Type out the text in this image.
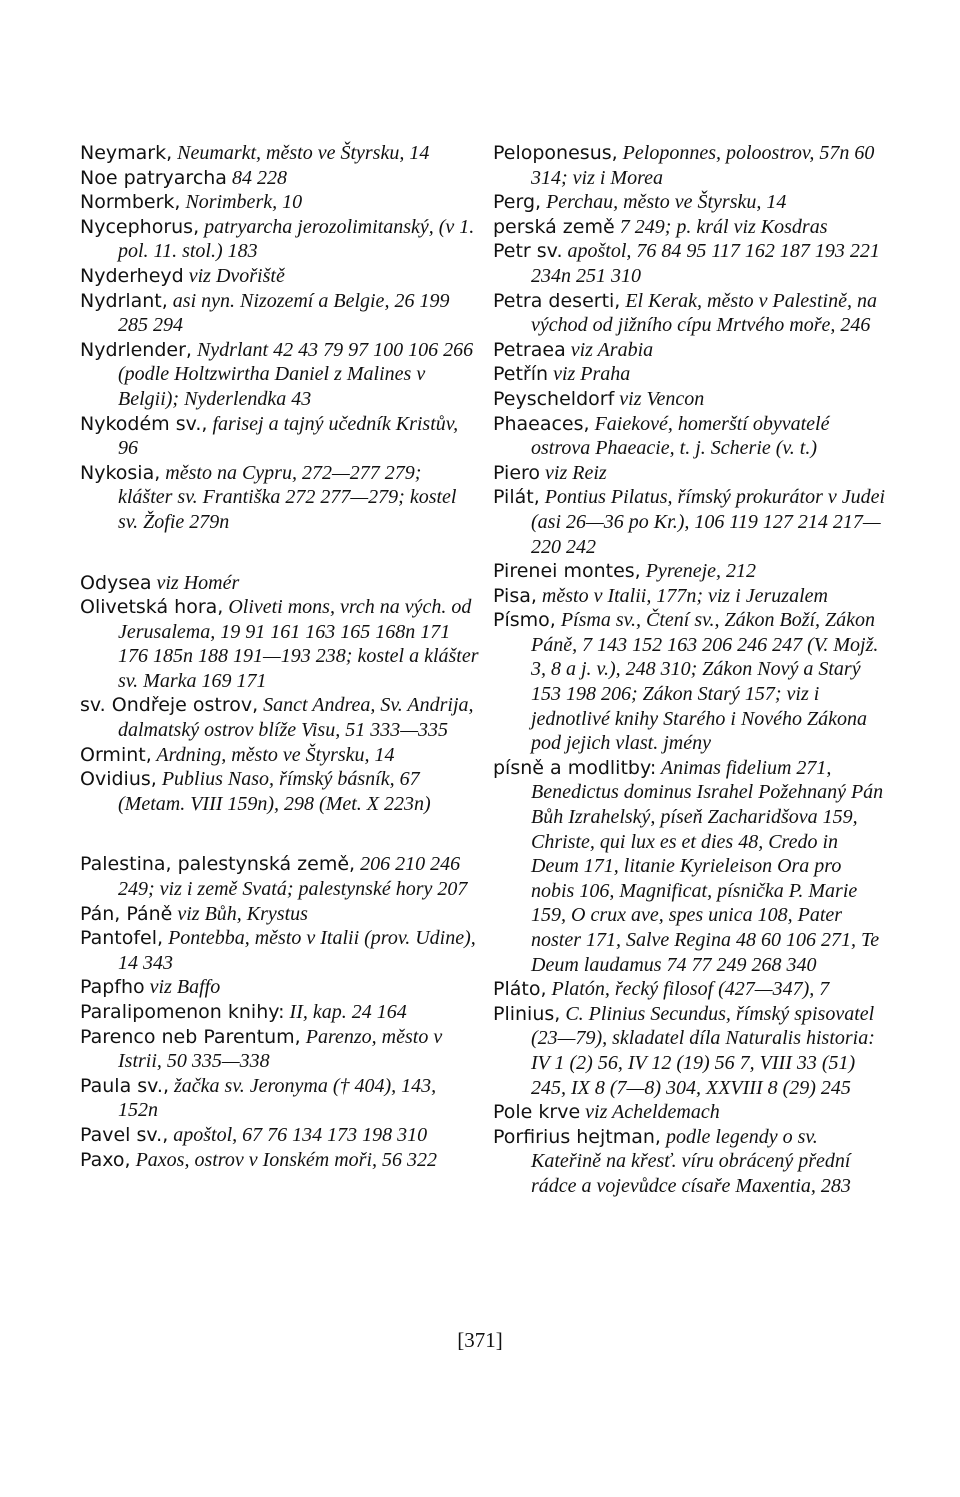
Neymark, Neumarkt, město ve Štyrsku, 14

Noe patryarcha 84 228

Normberk, Norimberk, 10

Nycephorus, patryarcha jerozolimitanský, (v 1. pol. 11. stol.) 183

Nyderheyd viz Dvořiště

Nydrlant, asi nyn. Nizozemí a Belgie, 26 199 285 294

Nydrlender, Nydrlant 42 43 79 97 100 106 266 (podle Holtzwirtha Daniel z Malines v Belgii); Nyderlendka 43

Nykodém sv., farisej a tajný učedník Kristův, 96

Nykosia, město na Cypru, 272—277 279; klášter sv. Františka 272 277—279; kostel sv. Žofie 279n

Odysea viz Homér

Olivetská hora, Oliveti mons, vrch na vých. od Jerusalema, 19 91 161 163 165 168n 171 176 185n 188 191—193 238; kostel a klášter sv. Marka 169 171

sv. Ondřeje ostrov, Sanct Andrea, Sv. Andrija, dalmatský ostrov blíže Visu, 51 333—335

Ormint, Ardning, město ve Štyrsku, 14

Ovidius, Publius Naso, římský básník, 67 (Metam. VIII 159n), 298 (Met. X 223n)

Palestina, palestynská země, 206 210 246 249; viz i země Svatá; palestynské hory 207

Pán, Páně viz Bůh, Krystus

Pantofel, Pontebba, město v Italii (prov. Udine), 14 343

Papfho viz Baffo

Paralipomenon knihy: II, kap. 24 164

Parenco neb Parentum, Parenzo, město v Istrii, 50 335—338

Paula sv., žačka sv. Jeronyma († 404), 143, 152n

Pavel sv., apoštol, 67 76 134 173 198 310

Paxo, Paxos, ostrov v Ionském moři, 56 322

Peloponesus, Peloponnes, poloostrov, 57n 60 314; viz i Morea

Perg, Perchau, město ve Štyrsku, 14

perská země 7 249; p. král viz Kosdras

Petr sv. apoštol, 76 84 95 117 162 187 193 221 234n 251 310

Petra deserti, El Kerak, město v Palestině, na východ od jižního cípu Mrtvého moře, 246

Petraea viz Arabia

Petřín viz Praha

Peyscheldorf viz Vencon

Phaeaces, Faiekové, homerští obyvatelé ostrova Phaeacie, t. j. Scherie (v. t.)

Piero viz Reiz

Pilát, Pontius Pilatus, římský prokurátor v Judei (asi 26—36 po Kr.), 106 119 127 214 217—220 242

Pirenei montes, Pyreneje, 212

Pisa, město v Italii, 177n; viz i Jeruzalem

Písmo, Písma sv., Čtení sv., Zákon Boží, Zákon Páně, 7 143 152 163 206 246 247 (V. Mojž. 3, 8 a j. v.), 248 310; Zákon Nový a Starý 153 198 206; Zákon Starý 157; viz i jednotlivé knihy Starého i Nového Zákona pod jejich vlast. jmény

písně a modlitby: Animas fidelium 271, Benedictus dominus Israhel Požehnaný Pán Bůh Izrahelský, píseň Zacharidšova 159, Christe, qui lux es et dies 48, Credo in Deum 171, litanie Kyrieleison Ora pro nobis 106, Magnificat, písnička P. Marie 159, O crux ave, spes unica 108, Pater noster 171, Salve Regina 48 60 106 271, Te Deum laudamus 74 77 249 268 340

Pláto, Platón, řecký filosof (427—347), 7

Plinius, C. Plinius Secundus, římský spisovatel (23—79), skladatel díla Naturalis historia: IV 1 (2) 56, IV 12 (19) 56 7, VIII 33 (51) 245, IX 8 (7—8) 304, XXVIII 8 (29) 245

Pole krve viz Acheldemach

Porfirius hejtman, podle legendy o sv. Kateřině na křesť. víru obrácený přední rádce a vojevůdce císaře Maxentia, 283

[371]
